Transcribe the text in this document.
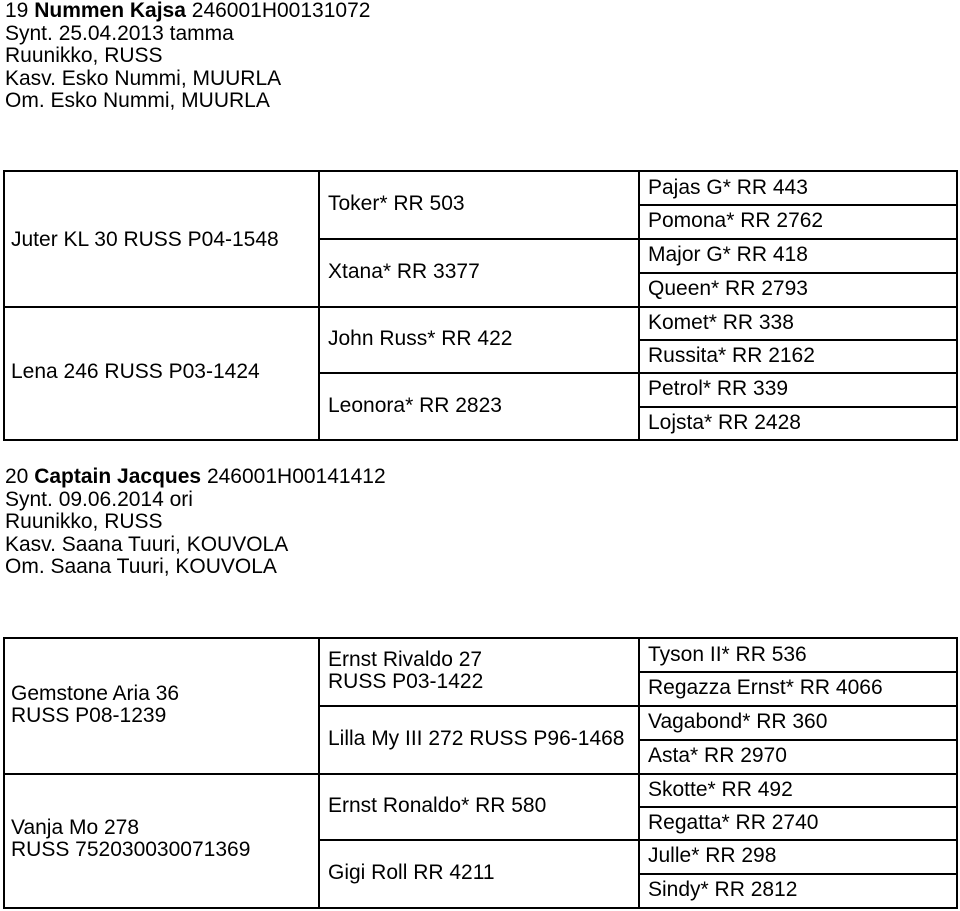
19 Nummen Kajsa 246001H00131072
Synt. 25.04.2013 tamma
Ruunikko, RUSS
Kasv. Esko Nummi, MUURLA
Om. Esko Nummi, MUURLA
Juter KL 30 RUSS P04-1548
Lena 246 RUSS P03-1424
Toker* RR 503
Xtana* RR 3377
John Russ* RR 422
Leonora* RR 2823
Pajas G* RR 443
Pomona* RR 2762
Major G* RR 418
Queen* RR 2793
Komet* RR 338
Russita* RR 2162
Petrol* RR 339
Lojsta* RR 2428
20 Captain Jacques 246001H00141412
Synt. 09.06.2014 ori
Ruunikko, RUSS
Kasv. Saana Tuuri, KOUVOLA
Om. Saana Tuuri, KOUVOLA
Gemstone Aria 36
RUSS P08-1239
Vanja Mo 278
RUSS 752030030071369
Ernst Rivaldo 27
RUSS P03-1422
Lilla My III 272 RUSS P96-1468
Ernst Ronaldo* RR 580
Gigi Roll RR 4211
Tyson II* RR 536
Regazza Ernst* RR 4066
Vagabond* RR 360
Asta* RR 2970
Skotte* RR 492
Regatta* RR 2740
Julle* RR 298
Sindy* RR 2812
